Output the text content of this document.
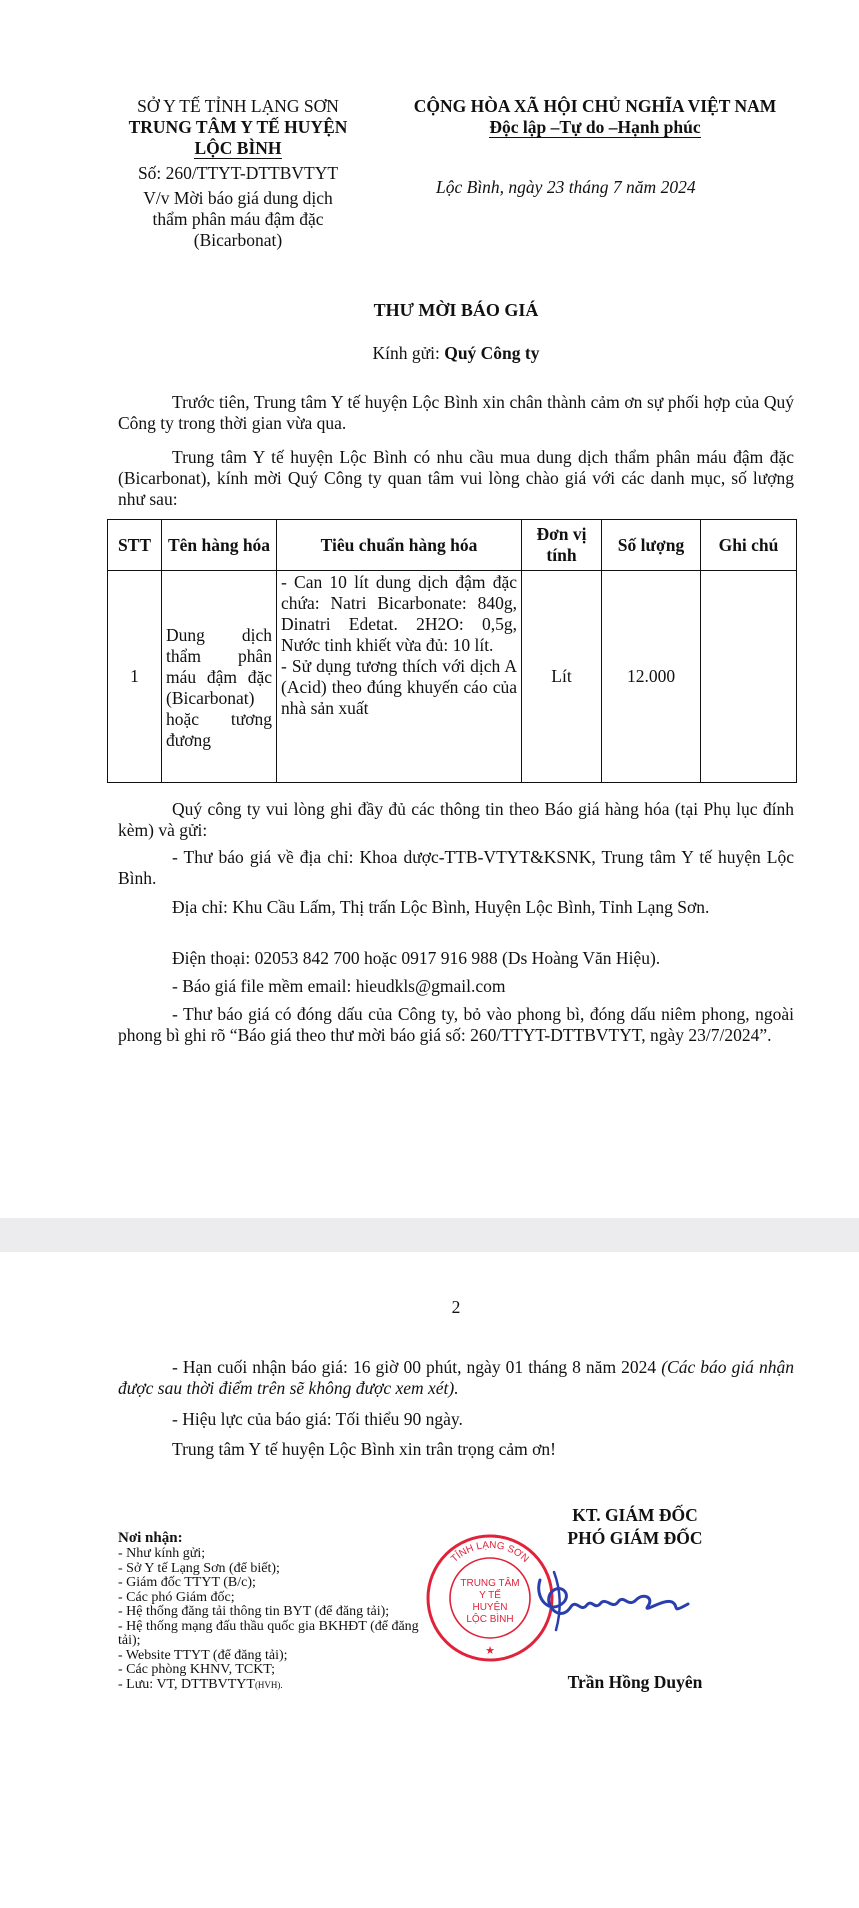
SỞ Y TẾ TỈNH LẠNG SƠN
TRUNG TÂM Y TẾ HUYỆN
LỘC BÌNH
Số: 260/TTYT-DTTBVTYT
V/v Mời báo giá dung dịch
thẩm phân máu đậm đặc
(Bicarbonat)
CỘNG HÒA XÃ HỘI CHỦ NGHĨA VIỆT NAM
Độc lập –Tự do –Hạnh phúc
Lộc Bình, ngày 23 tháng 7 năm 2024
THƯ MỜI BÁO GIÁ
Kính gửi: Quý Công ty
Trước tiên, Trung tâm Y tế huyện Lộc Bình xin chân thành cảm ơn sự phối hợp của Quý Công ty trong thời gian vừa qua.
Trung tâm Y tế huyện Lộc Bình có nhu cầu mua dung dịch thẩm phân máu đậm đặc (Bicarbonat), kính mời Quý Công ty quan tâm vui lòng chào giá với các danh mục, số lượng như sau:
STT	Tên hàng hóa	Tiêu chuẩn hàng hóa	Đơn vị tính	Số lượng	Ghi chú
1	Dung dịch thẩm phân máu đậm đặc (Bicarbonat) hoặc tương đương	- Can 10 lít dung dịch đậm đặc chứa: Natri Bicarbonate: 840g, Dinatri Edetat. 2H2O: 0,5g, Nước tinh khiết vừa đủ: 10 lít.
- Sử dụng tương thích với dịch A (Acid) theo đúng khuyến cáo của nhà sản xuất	Lít	12.000	
Quý công ty vui lòng ghi đầy đủ các thông tin theo Báo giá hàng hóa (tại Phụ lục đính kèm) và gửi:
- Thư báo giá về địa chỉ: Khoa dược-TTB-VTYT&KSNK, Trung tâm Y tế huyện Lộc Bình.
Địa chỉ: Khu Cầu Lấm, Thị trấn Lộc Bình, Huyện Lộc Bình, Tỉnh Lạng Sơn.
Điện thoại: 02053 842 700 hoặc 0917 916 988 (Ds Hoàng Văn Hiệu).
- Báo giá file mềm email: hieudkls@gmail.com
- Thư báo giá có đóng dấu của Công ty, bỏ vào phong bì, đóng dấu niêm phong, ngoài phong bì ghi rõ “Báo giá theo thư mời báo giá số: 260/TTYT-DTTBVTYT, ngày 23/7/2024”.
2
- Hạn cuối nhận báo giá: 16 giờ 00 phút, ngày 01 tháng 8 năm 2024 (Các báo giá nhận được sau thời điểm trên sẽ không được xem xét).
- Hiệu lực của báo giá: Tối thiểu 90 ngày.
Trung tâm Y tế huyện Lộc Bình xin trân trọng cảm ơn!
Nơi nhận:
- Như kính gửi;
- Sở Y tế Lạng Sơn (để biết);
- Giám đốc TTYT (B/c);
- Các phó Giám đốc;
- Hệ thống đăng tải thông tin BYT (để đăng tải);
- Hệ thống mạng đấu thầu quốc gia BKHĐT (để đăng tải);
- Website TTYT (để đăng tải);
- Các phòng KHNV, TCKT;
- Lưu: VT, DTTBVTYT(HVH).
KT. GIÁM ĐỐC
PHÓ GIÁM ĐỐC
TỈNH LẠNG SƠN
TRUNG TÂM
Y TẾ
HUYỆN
LỘC BÌNH
★
Trần Hồng Duyên
